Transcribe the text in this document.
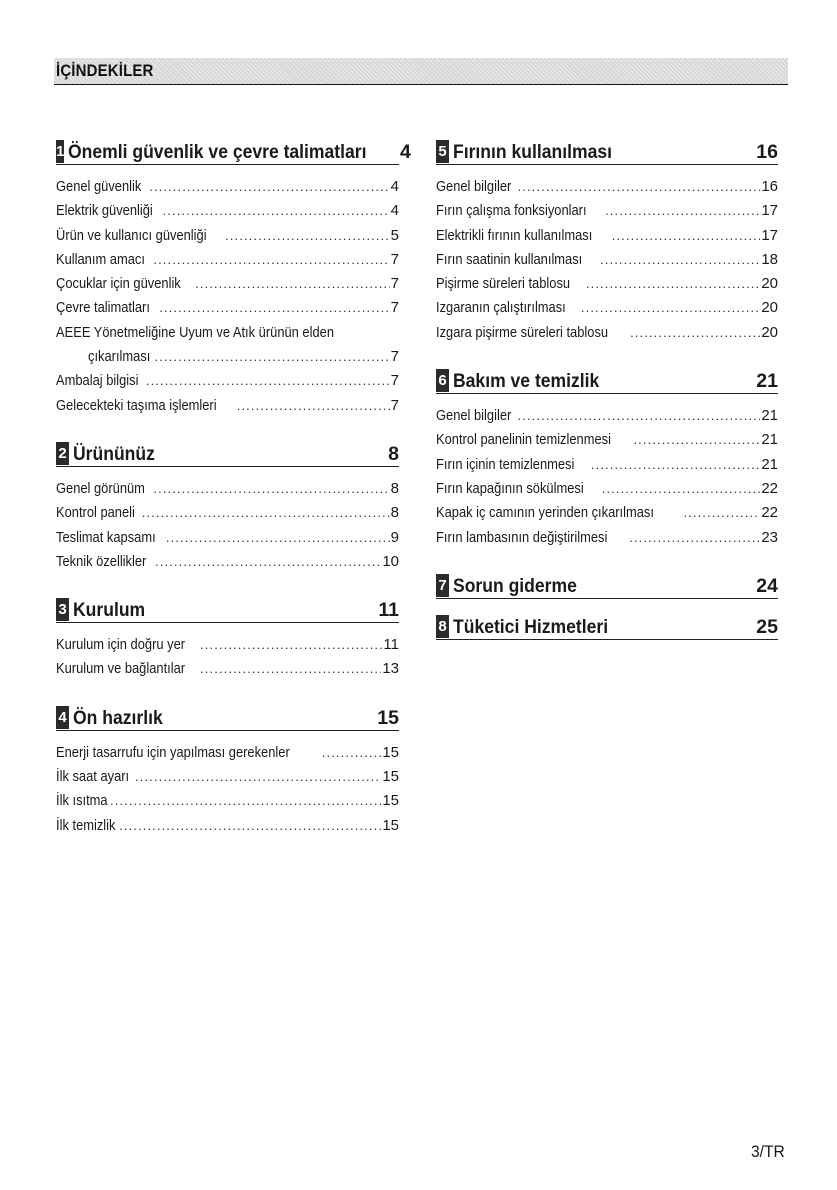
İÇİNDEKİLER
1 Önemli güvenlik ve çevre talimatları 4
Genel güvenlik .....	4
Elektrik güvenliği .....	4
Ürün ve kullanıcı güvenliği .....	5
Kullanım amacı .....	7
Çocuklar için güvenlik .....	7
Çevre talimatları .....	7
AEEE Yönetmeliğine Uyum ve Atık ürünün elden
çıkarılması .....	7
Ambalaj bilgisi .....	7
Gelecekteki taşıma işlemleri .....	7
2 Ürününüz	8
Genel görünüm .....	8
Kontrol paneli .....	8
Teslimat kapsamı .....	9
Teknik özellikler .....	10
3 Kurulum	11
Kurulum için doğru yer .....	11
Kurulum ve bağlantılar .....	13
4 Ön hazırlık	15
Enerji tasarrufu için yapılması gerekenler .....	15
İlk saat ayarı .....	15
İlk ısıtma .....	15
İlk temizlik .....	15
5 Fırının kullanılması	16
Genel bilgiler .....	16
Fırın çalışma fonksiyonları .....	17
Elektrikli fırının kullanılması .....	17
Fırın saatinin kullanılması .....	18
Pişirme süreleri tablosu .....	20
Izgaranın çalıştırılması .....	20
Izgara pişirme süreleri tablosu .....	20
6 Bakım ve temizlik	21
Genel bilgiler .....	21
Kontrol panelinin temizlenmesi .....	21
Fırın içinin temizlenmesi .....	21
Fırın kapağının sökülmesi .....	22
Kapak iç camının yerinden çıkarılması .....	22
Fırın lambasının değiştirilmesi .....	23
7 Sorun giderme	24
8 Tüketici Hizmetleri	25
3/TR
